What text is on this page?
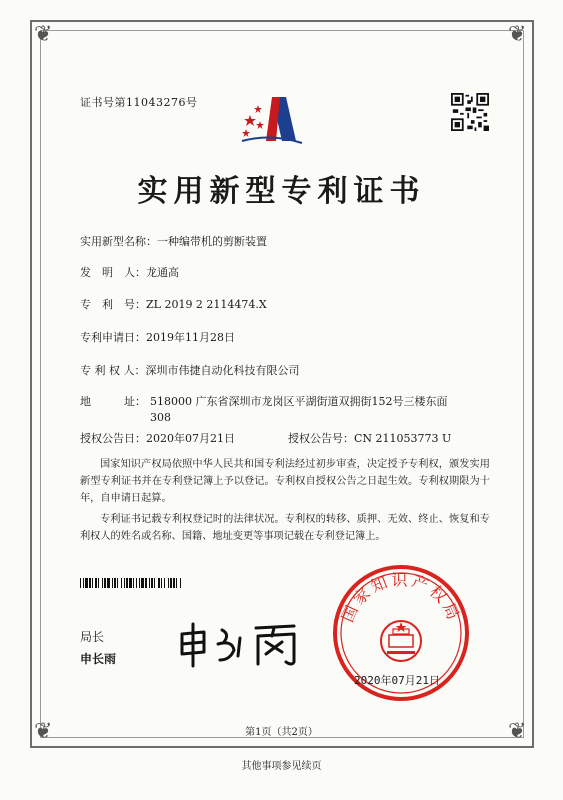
❦	❦
❦	❦
证书号第11043276号
实用新型专利证书
实用新型名称：一种编带机的剪断装置
发　明　人：龙通高
专　利　号：ZL 2019 2 2114474.X
专利申请日：2019年11月28日
专 利 权 人：深圳市伟捷自动化科技有限公司
地　　　址： 518000 广东省深圳市龙岗区平湖街道双拥街152号三楼东面308
授权公告日：2020年07月21日	授权公告号：CN 211053773 U
国家知识产权局依照中华人民共和国专利法经过初步审查，决定授予专利权，颁发实用新型专利证书并在专利登记簿上予以登记。专利权自授权公告之日起生效。专利权期限为十年，自申请日起算。
专利证书记载专利权登记时的法律状况。专利权的转移、质押、无效、终止、恢复和专利权人的姓名或名称、国籍、地址变更等事项记载在专利登记簿上。
局长
申长雨
国家知识产权局
2020年07月21日
第1页（共2页）
其他事项参见续页
